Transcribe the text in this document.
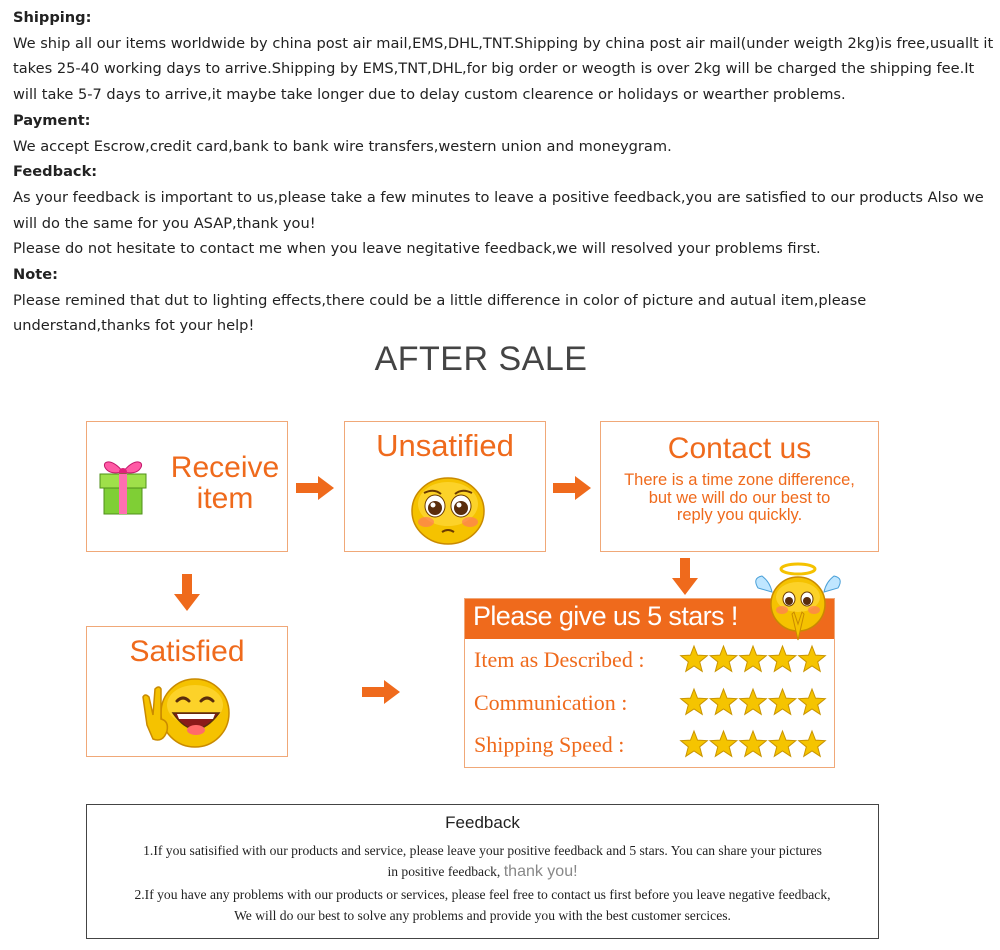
Shipping:

We ship all our items worldwide by china post air mail,EMS,DHL,TNT.Shipping by china post air mail(under weigth 2kg)is free,usuallt it takes 25-40 working days to arrive.Shipping by EMS,TNT,DHL,for big order or weogth is over 2kg will be charged the shipping fee.It will take 5-7 days to arrive,it maybe take longer due to delay custom clearence or holidays or wearther problems.

Payment:

We accept Escrow,credit card,bank to bank wire transfers,western union and moneygram.

Feedback:

As your feedback is important to us,please take a few minutes to leave a positive feedback,you are satisfied to our products Also we will do the same for you ASAP,thank you!

Please do not hesitate to contact me when you leave negitative feedback,we will resolved your problems first.

Note:

Please remined that dut to lighting effects,there could be a little difference in color of picture and autual item,please understand,thanks fot your help!

AFTER SALE
Receive
item
Unsatified	Contact us
There is a time zone difference,
but we will do our best to
reply you quickly.
Satisfied
Please give us 5 stars !
Item as Described :
Communication :
Shipping Speed :
Feedback
1.If you satisified with our products and service, please leave your positive feedback and 5 stars. You can share your pictures
in positive feedback, thank you!
2.If you have any problems with our products or services, please feel free to contact us first before you leave negative feedback,
We will do our best to solve any problems and provide you with the best customer sercices.
